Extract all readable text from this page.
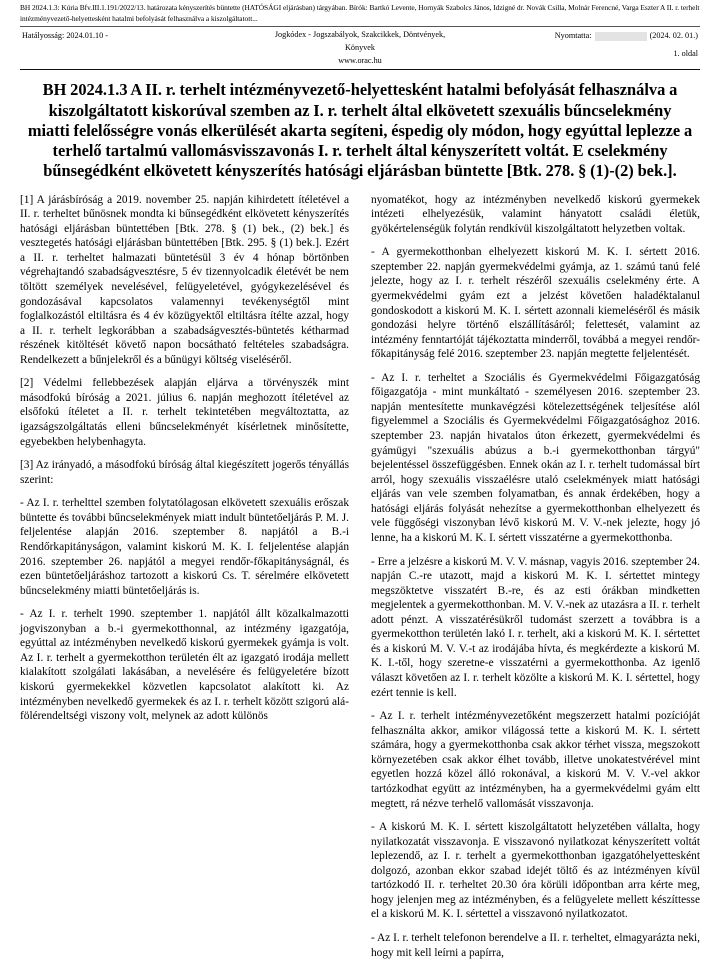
BH 2024.1.3: Kúria Bfv.III.1.191/2022/13. határozata kényszerítés büntette (HATÓSÁGI eljárásban) tárgyában. Bírók: Bartkó Levente, Hornyák Szabolcs János, Idzigné dr. Novák Csilla, Molnár Ferencné, Varga Eszter A II. r. terhelt intézményvezető-helyettesként hatalmi befolyását felhasználva a kiszolgáltatott...
Hatályosság: 2024.01.10 -	Jogkódex - Jogszabályok, Szakcikkek, Döntvények,
Könyvek
www.orac.hu
Nyomtatta:	(2024. 02. 01.)
1. oldal
BH 2024.1.3 A II. r. terhelt intézményvezető-helyettesként hatalmi befolyását felhasználva a kiszolgáltatott kiskorúval szemben az I. r. terhelt által elkövetett szexuális bűncselekmény miatti felelősségre vonás elkerülését akarta segíteni, éspedig oly módon, hogy egyúttal leplezze a terhelő tartalmú vallomásvisszavonás I. r. terhelt által kényszerített voltát. E cselekmény bűnsegédként elkövetett kényszerítés hatósági eljárásban büntette [Btk. 278. § (1)-(2) bek.].

[1] A járásbíróság a 2019. november 25. napján kihirdetett ítéletével a II. r. terheltet bűnösnek mondta ki bűnsegédként elkövetett kényszerítés hatósági eljárásban büntettében [Btk. 278. § (1) bek., (2) bek.] és vesztegetés hatósági eljárásban büntettében [Btk. 295. § (1) bek.]. Ezért a II. r. terheltet halmazati büntetésül 3 év 4 hónap börtönben végrehajtandó szabadságvesztésre, 5 év tizennyolcadik életévét be nem töltött személyek nevelésével, felügyeletével, gyógykezelésével és gondozásával kapcsolatos valamennyi tevékenységtől mint foglalkozástól eltiltásra és 4 év közügyektől eltiltásra ítélte azzal, hogy a II. r. terhelt legkorábban a szabadságvesztés-büntetés kétharmad részének kitöltését követő napon bocsátható feltételes szabadságra. Rendelkezett a bűnjelekről és a bűnügyi költség viseléséről.

[2] Védelmi fellebbezések alapján eljárva a törvényszék mint másodfokú bíróság a 2021. július 6. napján meghozott ítéletével az elsőfokú ítéletet a II. r. terhelt tekintetében megváltoztatta, az igazságszolgáltatás elleni bűncselekményét kísérletnek minősítette, egyebekben helybenhagyta.

[3] Az irányadó, a másodfokú bíróság által kiegészített jogerős tényállás szerint:

- Az I. r. terhelttel szemben folytatólagosan elkövetett szexuális erőszak büntette és további bűncselekmények miatt indult büntetőeljárás P. M. J. feljelentése alapján 2016. szeptember 8. napjától a B.-i Rendőrkapitányságon, valamint kiskorú M. K. I. feljelentése alapján 2016. szeptember 26. napjától a megyei rendőr-főkapitányságnál, és ezen büntetőeljáráshoz tartozott a kiskorú Cs. T. sérelmére elkövetett bűncselekmény miatti büntetőeljárás is.

- Az I. r. terhelt 1990. szeptember 1. napjától állt közalkalmazotti jogviszonyban a b.-i gyermekotthonnal, az intézmény igazgatója, egyúttal az intézményben nevelkedő kiskorú gyermekek gyámja is volt. Az I. r. terhelt a gyermekotthon területén élt az igazgató irodája mellett kialakított szolgálati lakásában, a nevelésére és felügyeletére bízott kiskorú gyermekekkel közvetlen kapcsolatot alakított ki. Az intézményben nevelkedő gyermekek és az I. r. terhelt között szigorú alá-fölérendeltségi viszony volt, melynek az adott különös

nyomatékot, hogy az intézményben nevelkedő kiskorú gyermekek intézeti elhelyezésük, valamint hányatott családi életük, gyökértelenségük folytán rendkívül kiszolgáltatott helyzetben voltak.

- A gyermekotthonban elhelyezett kiskorú M. K. I. sértett 2016. szeptember 22. napján gyermekvédelmi gyámja, az 1. számú tanú felé jelezte, hogy az I. r. terhelt részéről szexuális cselekmény érte. A gyermekvédelmi gyám ezt a jelzést követően haladéktalanul gondoskodott a kiskorú M. K. I. sértett azonnali kiemeléséről és másik gondozási helyre történő elszállításáról; felettesét, valamint az intézmény fenntartóját tájékoztatta minderről, továbbá a megyei rendőr-főkapitányság felé 2016. szeptember 23. napján megtette feljelentését.

- Az I. r. terheltet a Szociális és Gyermekvédelmi Főigazgatóság főigazgatója - mint munkáltató - személyesen 2016. szeptember 23. napján mentesítette munkavégzési kötelezettségének teljesítése alól figyelemmel a Szociális és Gyermekvédelmi Főigazgatósághoz 2016. szeptember 23. napján hivatalos úton érkezett, gyermekvédelmi és gyámügyi "szexuális abúzus a b.-i gyermekotthonban tárgyú" bejelentéssel összefüggésben. Ennek okán az I. r. terhelt tudomással bírt arról, hogy szexuális visszaélésre utaló cselekmények miatt hatósági eljárás van vele szemben folyamatban, és annak érdekében, hogy a hatósági eljárás folyását nehezítse a gyermekotthonban elhelyezett és vele függőségi viszonyban lévő kiskorú M. V. V.-nek jelezte, hogy jó lenne, ha a kiskorú M. K. I. sértett visszatérne a gyermekotthonba.

- Erre a jelzésre a kiskorú M. V. V. másnap, vagyis 2016. szeptember 24. napján C.-re utazott, majd a kiskorú M. K. I. sértettet mintegy megszöktetve visszatért B.-re, és az esti órákban mindketten megjelentek a gyermekotthonban. M. V. V.-nek az utazásra a II. r. terhelt adott pénzt. A visszatérésükről tudomást szerzett a továbbra is a gyermekotthon területén lakó I. r. terhelt, aki a kiskorú M. K. I. sértettet és a kiskorú M. V. V.-t az irodájába hívta, és megkérdezte a kiskorú M. K. I.-től, hogy szeretne-e visszatérni a gyermekotthonba. Az igenlő választ követően az I. r. terhelt közölte a kiskorú M. K. I. sértettel, hogy ezért tennie is kell.

- Az I. r. terhelt intézményvezetőként megszerzett hatalmi pozícióját felhasználta akkor, amikor világossá tette a kiskorú M. K. I. sértett számára, hogy a gyermekotthonba csak akkor térhet vissza, megszokott környezetében csak akkor élhet tovább, illetve unokatestvérével mint egyetlen hozzá közel álló rokonával, a kiskorú M. V. V.-vel akkor tartózkodhat együtt az intézményben, ha a gyermekvédelmi gyám eltt megtett, rá nézve terhelő vallomását visszavonja.

- A kiskorú M. K. I. sértett kiszolgáltatott helyzetében vállalta, hogy nyilatkozatát visszavonja. E visszavonó nyilatkozat kényszerített voltát leplezendő, az I. r. terhelt a gyermekotthonban igazgatóhelyettesként dolgozó, azonban ekkor szabad idejét töltő és az intézményen kívül tartózkodó II. r. terheltet 20.30 óra körüli időpontban arra kérte meg, hogy jelenjen meg az intézményben, és a felügyelete mellett készíttesse el a kiskorú M. K. I. sértettel a visszavonó nyilatkozatot.

- Az I. r. terhelt telefonon berendelve a II. r. terheltet, elmagyarázta neki, hogy mit kell leírni a papírra,
